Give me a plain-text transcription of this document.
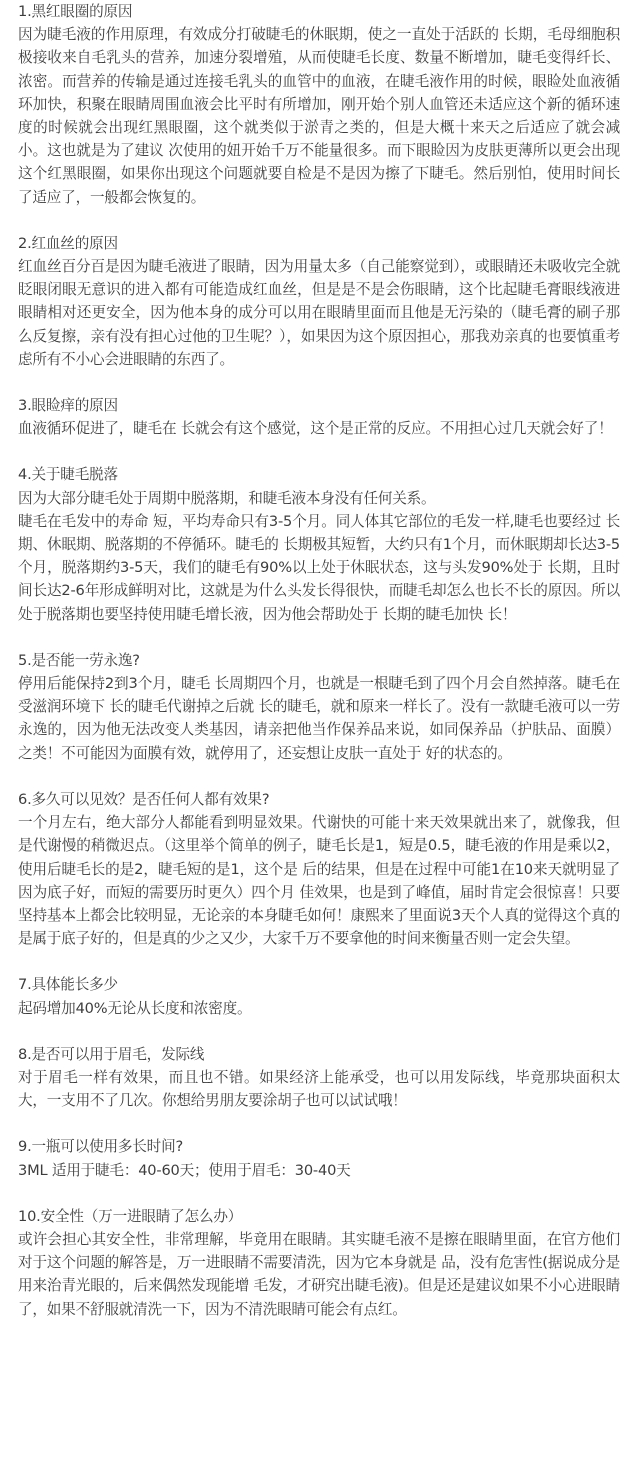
1.黑红眼圈的原因

因为睫毛液的作用原理，有效成分打破睫毛的休眠期，使之一直处于活跃的 长期，毛母细胞积极接收来自毛乳头的营养，加速分裂增殖，从而使睫毛长度、数量不断增加，睫毛变得纤长、浓密。而营养的传输是通过连接毛乳头的血管中的血液，在睫毛液作用的时候，眼睑处血液循环加快，积聚在眼睛周围血液会比平时有所增加，刚开始个别人血管还未适应这个新的循环速度的时候就会出现红黑眼圈，这个就类似于淤青之类的，但是大概十来天之后适应了就会减小。这也就是为了建议 次使用的妞开始千万不能量很多。而下眼睑因为皮肤更薄所以更会出现这个红黑眼圈，如果你出现这个问题就要自检是不是因为擦了下睫毛。然后别怕，使用时间长了适应了，一般都会恢复的。

2.红血丝的原因

红血丝百分百是因为睫毛液进了眼睛，因为用量太多（自己能察觉到），或眼睛还未吸收完全就眨眼闭眼无意识的进入都有可能造成红血丝，但是是不是会伤眼睛，这个比起睫毛膏眼线液进眼睛相对还更安全，因为他本身的成分可以用在眼睛里面而且他是无污染的（睫毛膏的刷子那么反复擦，亲有没有担心过他的卫生呢？），如果因为这个原因担心，那我劝亲真的也要慎重考虑所有不小心会进眼睛的东西了。

3.眼睑痒的原因

血液循环促进了，睫毛在 长就会有这个感觉，这个是正常的反应。不用担心过几天就会好了！

4.关于睫毛脱落

因为大部分睫毛处于周期中脱落期，和睫毛液本身没有任何关系。

睫毛在毛发中的寿命 短，平均寿命只有3-5个月。同人体其它部位的毛发一样,睫毛也要经过 长期、休眠期、脱落期的不停循环。睫毛的 长期极其短暂，大约只有1个月，而休眠期却长达3-5个月，脱落期约3-5天，我们的睫毛有90%以上处于休眠状态，这与头发90%处于 长期，且时间长达2-6年形成鲜明对比，这就是为什么头发长得很快，而睫毛却怎么也长不长的原因。所以处于脱落期也要坚持使用睫毛增长液，因为他会帮助处于 长期的睫毛加快 长！

5.是否能一劳永逸?

停用后能保持2到3个月，睫毛 长周期四个月，也就是一根睫毛到了四个月会自然掉落。睫毛在受滋润环境下 长的睫毛代谢掉之后就 长的睫毛，就和原来一样长了。没有一款睫毛液可以一劳永逸的，因为他无法改变人类基因，请亲把他当作保养品来说，如同保养品（护肤品、面膜）之类！不可能因为面膜有效，就停用了，还妄想让皮肤一直处于 好的状态的。

6.多久可以见效？是否任何人都有效果?

一个月左右，绝大部分人都能看到明显效果。代谢快的可能十来天效果就出来了，就像我，但是代谢慢的稍微迟点。（这里举个简单的例子，睫毛长是1，短是0.5，睫毛液的作用是乘以2，使用后睫毛长的是2，睫毛短的是1，这个是 后的结果，但是在过程中可能1在10来天就明显了因为底子好，而短的需要历时更久）四个月 佳效果，也是到了峰值，届时肯定会很惊喜！只要坚持基本上都会比较明显，无论亲的本身睫毛如何！康熙来了里面说3天个人真的觉得这个真的是属于底子好的，但是真的少之又少，大家千万不要拿他的时间来衡量否则一定会失望。

7.具体能长多少

起码增加40%无论从长度和浓密度。

8.是否可以用于眉毛，发际线

对于眉毛一样有效果，而且也不错。如果经济上能承受，也可以用发际线，毕竟那块面积太大，一支用不了几次。你想给男朋友要涂胡子也可以试试哦！

9.一瓶可以使用多长时间?

3ML 适用于睫毛：40-60天；使用于眉毛：30-40天

10.安全性（万一进眼睛了怎么办）

或许会担心其安全性，非常理解，毕竟用在眼睛。其实睫毛液不是擦在眼睛里面，在官方他们对于这个问题的解答是，万一进眼睛不需要清洗，因为它本身就是 品，没有危害性(据说成分是用来治青光眼的，后来偶然发现能增 毛发，才研究出睫毛液)。但是还是建议如果不小心进眼睛了，如果不舒服就清洗一下，因为不清洗眼睛可能会有点红。
